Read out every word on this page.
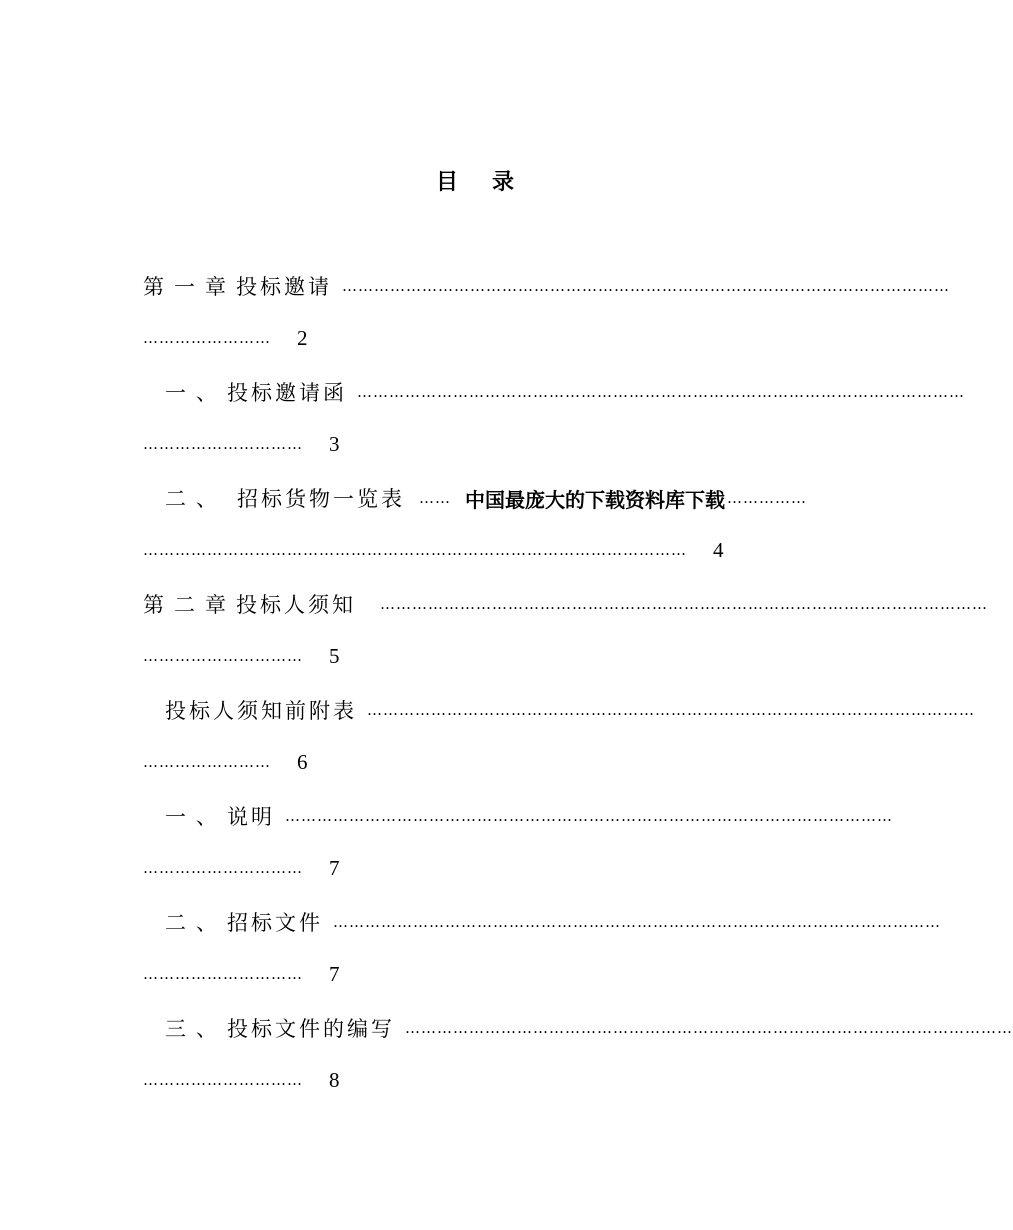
目 录
第一章 投标邀请 ……………………………………………………………………………………………………
…………………… 2
一、 投标邀请函 ……………………………………………………………………………………………………
………………………… 3
二、 招标货物一览表 …… 中国最庞大的下载资料库下载 ……………
………………………………………………………………………………………… 4
第二章 投标人须知	……………………………………………………………………………………………………
………………………… 5
投标人须知前附表 ……………………………………………………………………………………………………
…………………… 6
一、 说明 ……………………………………………………………………………………………………
………………………… 7
二、 招标文件 ……………………………………………………………………………………………………
………………………… 7
三、 投标文件的编写 ……………………………………………………………………………………………………
………………………… 8
